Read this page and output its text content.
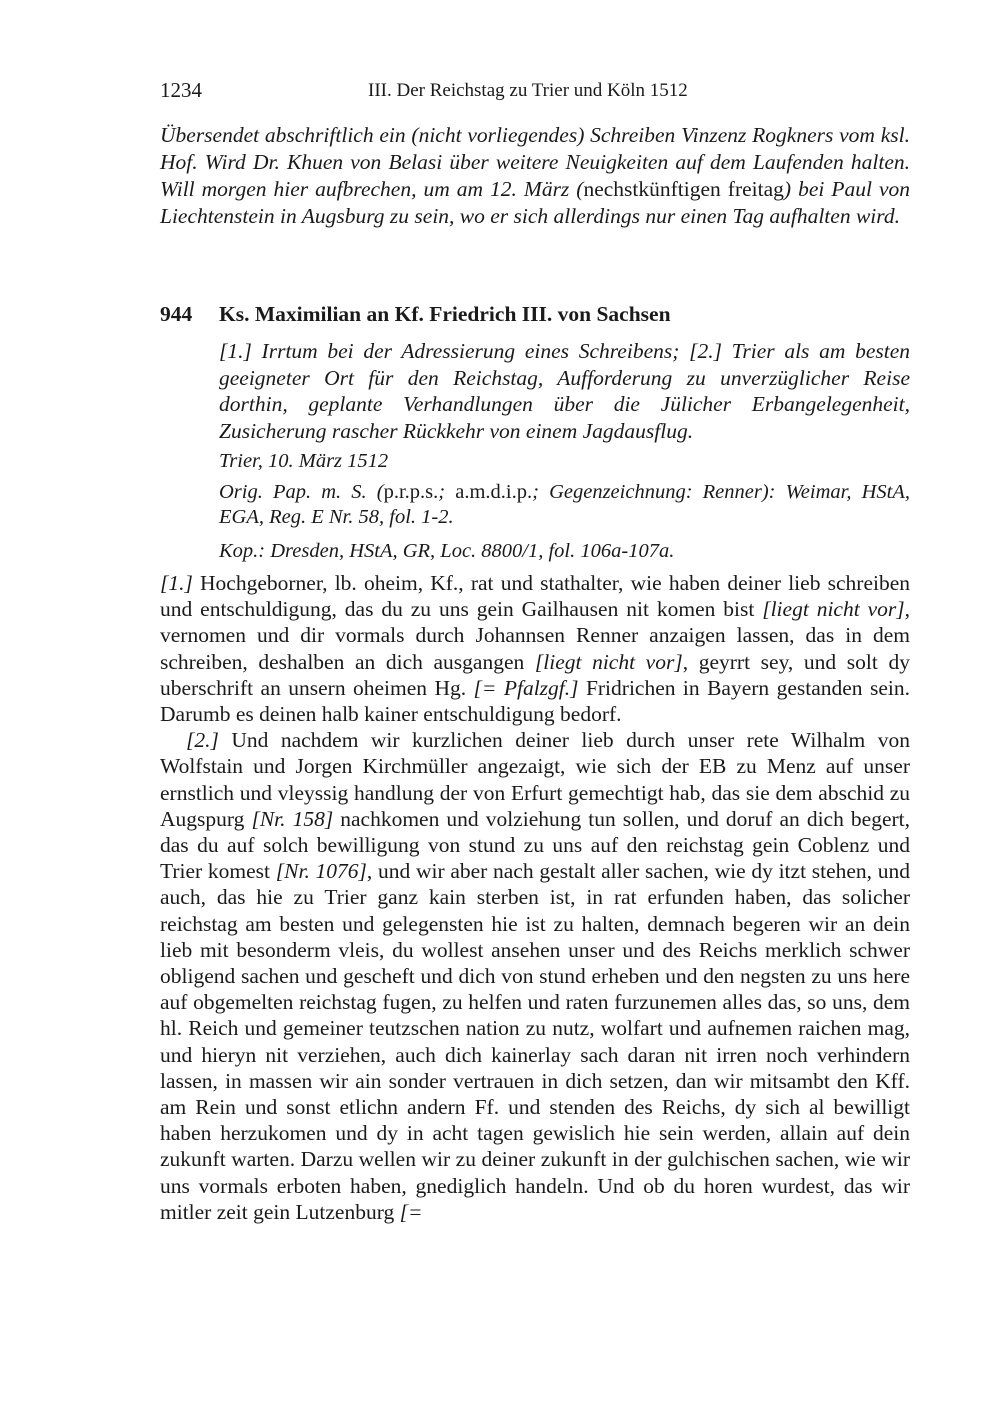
1234	III. Der Reichstag zu Trier und Köln 1512

Übersendet abschriftlich ein (nicht vorliegendes) Schreiben Vinzenz Rogkners vom ksl. Hof. Wird Dr. Khuen von Belasi über weitere Neuigkeiten auf dem Laufenden halten. Will morgen hier aufbrechen, um am 12. März (nechstkünftigen freitag) bei Paul von Liechtenstein in Augsburg zu sein, wo er sich allerdings nur einen Tag aufhalten wird.

944 Ks. Maximilian an Kf. Friedrich III. von Sachsen

[1.] Irrtum bei der Adressierung eines Schreibens; [2.] Trier als am besten geeigneter Ort für den Reichstag, Aufforderung zu unverzüglicher Reise dorthin, geplante Verhandlungen über die Jülicher Erbangelegenheit, Zusicherung rascher Rückkehr von einem Jagdausflug.

Trier, 10. März 1512

Orig. Pap. m. S. (p.r.p.s.; a.m.d.i.p.; Gegenzeichnung: Renner): Weimar, HStA, EGA, Reg. E Nr. 58, fol. 1-2.

Kop.: Dresden, HStA, GR, Loc. 8800/1, fol. 106a-107a.

[1.] Hochgeborner, lb. oheim, Kf., rat und stathalter, wie haben deiner lieb schreiben und entschuldigung, das du zu uns gein Gailhausen nit komen bist [liegt nicht vor], vernomen und dir vormals durch Johannsen Renner anzaigen lassen, das in dem schreiben, deshalben an dich ausgangen [liegt nicht vor], geyrrt sey, und solt dy uberschrift an unsern oheimen Hg. [= Pfalzgf.] Fridrichen in Bayern gestanden sein. Darumb es deinen halb kainer entschuldigung bedorf.

[2.] Und nachdem wir kurzlichen deiner lieb durch unser rete Wilhalm von Wolfstain und Jorgen Kirchmüller angezaigt, wie sich der EB zu Menz auf unser ernstlich und vleyssig handlung der von Erfurt gemechtigt hab, das sie dem abschid zu Augspurg [Nr. 158] nachkomen und volziehung tun sollen, und doruf an dich begert, das du auf solch bewilligung von stund zu uns auf den reichstag gein Coblenz und Trier komest [Nr. 1076], und wir aber nach gestalt aller sachen, wie dy itzt stehen, und auch, das hie zu Trier ganz kain sterben ist, in rat erfunden haben, das solicher reichstag am besten und gelegensten hie ist zu halten, demnach begeren wir an dein lieb mit besonderm vleis, du wollest ansehen unser und des Reichs merklich schwer obligend sachen und gescheft und dich von stund erheben und den negsten zu uns here auf obgemelten reichstag fugen, zu helfen und raten furzunemen alles das, so uns, dem hl. Reich und gemeiner teutzschen nation zu nutz, wolfart und aufnemen raichen mag, und hieryn nit verziehen, auch dich kainerlay sach daran nit irren noch verhindern lassen, in massen wir ain sonder vertrauen in dich setzen, dan wir mitsambt den Kff. am Rein und sonst etlichn andern Ff. und stenden des Reichs, dy sich al bewilligt haben herzukomen und dy in acht tagen gewislich hie sein werden, allain auf dein zukunft warten. Darzu wellen wir zu deiner zukunft in der gulchischen sachen, wie wir uns vormals erboten haben, gnediglich handeln. Und ob du horen wurdest, das wir mitler zeit gein Lutzenburg [=
